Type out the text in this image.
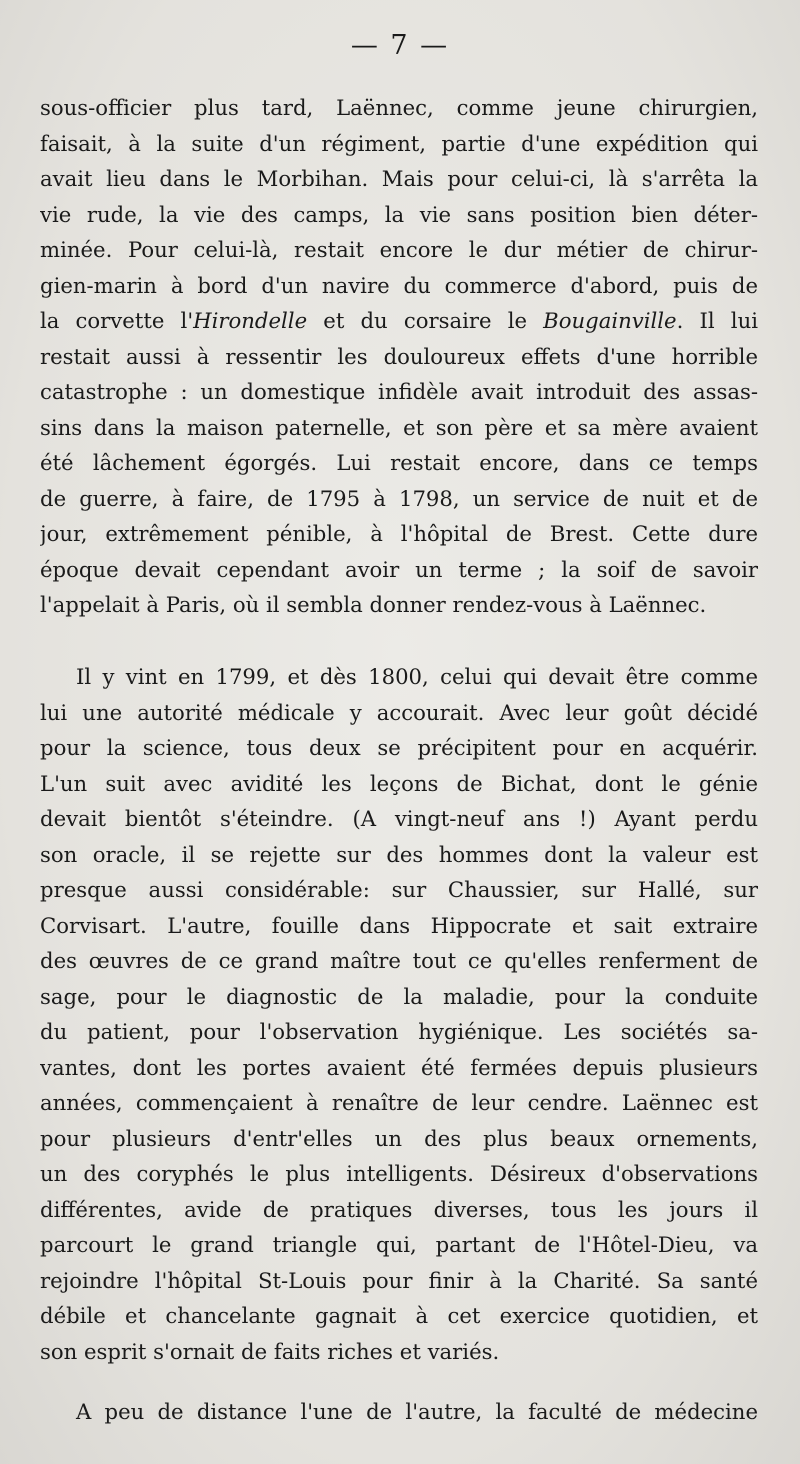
— 7 —
sous-officier plus tard, Laënnec, comme jeune chirurgien,
faisait, à la suite d'un régiment, partie d'une expédition qui
avait lieu dans le Morbihan. Mais pour celui-ci, là s'arrêta la
vie rude, la vie des camps, la vie sans position bien déter-
minée. Pour celui-là, restait encore le dur métier de chirur-
gien-marin à bord d'un navire du commerce d'abord, puis de
la corvette l'Hirondelle et du corsaire le Bougainville. Il lui
restait aussi à ressentir les douloureux effets d'une horrible
catastrophe : un domestique infidèle avait introduit des assas-
sins dans la maison paternelle, et son père et sa mère avaient
été lâchement égorgés. Lui restait encore, dans ce temps
de guerre, à faire, de 1795 à 1798, un service de nuit et de
jour, extrêmement pénible, à l'hôpital de Brest. Cette dure
époque devait cependant avoir un terme ; la soif de savoir
l'appelait à Paris, où il sembla donner rendez-vous à Laënnec.
Il y vint en 1799, et dès 1800, celui qui devait être comme
lui une autorité médicale y accourait. Avec leur goût décidé
pour la science, tous deux se précipitent pour en acquérir.
L'un suit avec avidité les leçons de Bichat, dont le génie
devait bientôt s'éteindre. (A vingt-neuf ans !) Ayant perdu
son oracle, il se rejette sur des hommes dont la valeur est
presque aussi considérable: sur Chaussier, sur Hallé, sur
Corvisart. L'autre, fouille dans Hippocrate et sait extraire
des œuvres de ce grand maître tout ce qu'elles renferment de
sage, pour le diagnostic de la maladie, pour la conduite
du patient, pour l'observation hygiénique. Les sociétés sa-
vantes, dont les portes avaient été fermées depuis plusieurs
années, commençaient à renaître de leur cendre. Laënnec est
pour plusieurs d'entr'elles un des plus beaux ornements,
un des coryphés le plus intelligents. Désireux d'observations
différentes, avide de pratiques diverses, tous les jours il
parcourt le grand triangle qui, partant de l'Hôtel-Dieu, va
rejoindre l'hôpital St-Louis pour finir à la Charité. Sa santé
débile et chancelante gagnait à cet exercice quotidien, et
son esprit s'ornait de faits riches et variés.
A peu de distance l'une de l'autre, la faculté de médecine
